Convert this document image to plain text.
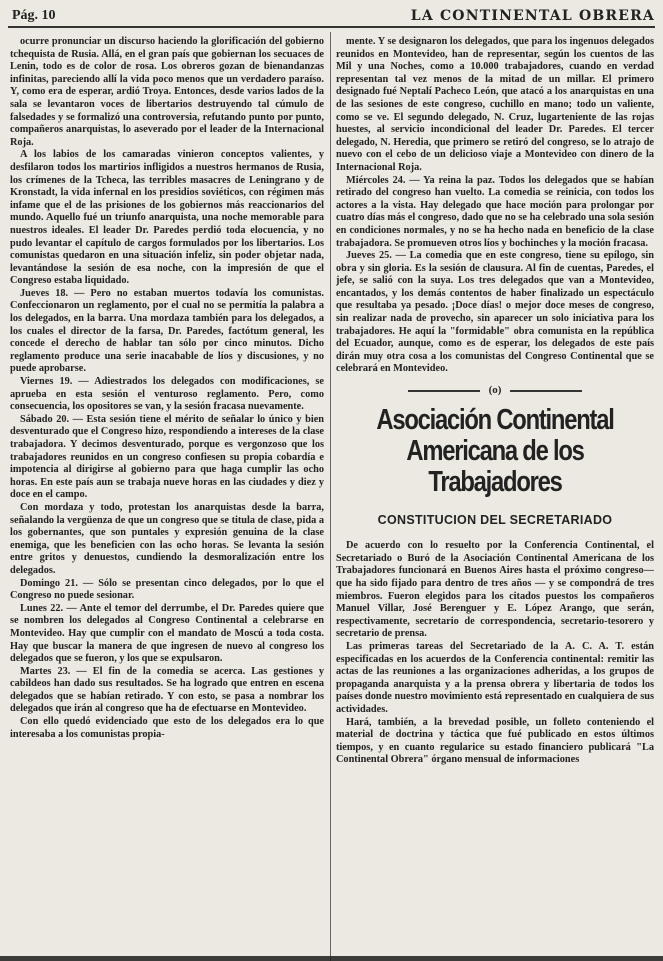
Pág. 10	LA CONTINENTAL OBRERA

ocurre pronunciar un discurso haciendo la glorificación del gobierno tchequista de Rusia. Allá, en el gran país que gobiernan los secuaces de Lenin, todo es de color de rosa. Los obreros gozan de bienandanzas infinitas, pareciendo allí la vida poco menos que un verdadero paraíso. Y, como era de esperar, ardió Troya. Entonces, desde varios lados de la sala se levantaron voces de libertarios destruyendo tal cúmulo de falsedades y se formalizó una controversia, refutando punto por punto, compañeros anarquistas, lo aseverado por el leader de la Internacional Roja.

A los labios de los camaradas vinieron conceptos valientes, y desfilaron todos los martirios infligidos a nuestros hermanos de Rusia, los crímenes de la Tcheca, las terribles masacres de Leningrano y de Kronstadt, la vida infernal en los presidios soviéticos, con régimen más infame que el de las prisiones de los gobiernos más reaccionarios del mundo. Aquello fué un triunfo anarquista, una noche memorable para nuestros ideales. El leader Dr. Paredes perdió toda elocuencia, y no pudo levantar el capítulo de cargos formulados por los libertarios. Los comunistas quedaron en una situación infeliz, sin poder objetar nada, levantándose la sesión de esa noche, con la impresión de que el Congreso estaba liquidado.

Jueves 18. — Pero no estaban muertos todavía los comunistas. Confeccionaron un reglamento, por el cual no se permitía la palabra a los delegados, en la barra. Una mordaza también para los delegados, a los cuales el director de la farsa, Dr. Paredes, factótum general, les concede el derecho de hablar tan sólo por cinco minutos. Dicho reglamento produce una serie inacabable de líos y discusiones, y no puede aprobarse.

Viernes 19. — Adiestrados los delegados con modificaciones, se aprueba en esta sesión el venturoso reglamento. Pero, como consecuencia, los opositores se van, y la sesión fracasa nuevamente.

Sábado 20. — Esta sesión tiene el mérito de señalar lo único y bien desventurado que el Congreso hizo, respondiendo a intereses de la clase trabajadora. Y decimos desventurado, porque es vergonzoso que los trabajadores reunidos en un congreso confiesen su propia cobardía e impotencia al dirigirse al gobierno para que haga cumplir las ocho horas. En este país aun se trabaja nueve horas en las ciudades y diez y doce en el campo.

Con mordaza y todo, protestan los anarquistas desde la barra, señalando la vergüenza de que un congreso que se titula de clase, pida a los gobernantes, que son puntales y expresión genuina de la clase enemiga, que les beneficien con las ocho horas. Se levanta la sesión entre gritos y denuestos, cundiendo la desmoralización entre los delegados.

Domingo 21. — Sólo se presentan cinco delegados, por lo que el Congreso no puede sesionar.

Lunes 22. — Ante el temor del derrumbe, el Dr. Paredes quiere que se nombren los delegados al Congreso Continental a celebrarse en Montevideo. Hay que cumplir con el mandato de Moscú a toda costa. Hay que buscar la manera de que ingresen de nuevo al congreso los delegados que se fueron, y los que se expulsaron.

Martes 23. — El fin de la comedia se acerca. Las gestiones y cabildeos han dado sus resultados. Se ha logrado que entren en escena delegados que se habían retirado. Y con esto, se pasa a nombrar los delegados que irán al congreso que ha de efectuarse en Montevideo.

Con ello quedó evidenciado que esto de los delegados era lo que interesaba a los comunistas propia-

mente. Y se designaron los delegados, que para los ingenuos delegados reunidos en Montevideo, han de representar, según los cuentos de las Mil y una Noches, como a 10.000 trabajadores, cuando en verdad representan tal vez menos de la mitad de un millar. El primero designado fué Neptalí Pacheco León, que atacó a los anarquistas en una de las sesiones de este congreso, cuchillo en mano; todo un valiente, como se ve. El segundo delegado, N. Cruz, lugarteniente de las rojas huestes, al servicio incondicional del leader Dr. Paredes. El tercer delegado, N. Heredia, que primero se retiró del congreso, se lo atrajo de nuevo con el cebo de un delicioso viaje a Montevideo con dinero de la Internacional Roja.

Miércoles 24. — Ya reina la paz. Todos los delegados que se habían retirado del congreso han vuelto. La comedia se reinicia, con todos los actores a la vista. Hay delegado que hace moción para prolongar por cuatro días más el congreso, dado que no se ha celebrado una sola sesión en condiciones normales, y no se ha hecho nada en beneficio de la clase trabajadora. Se promueven otros líos y bochinches y la moción fracasa.

Jueves 25. — La comedia que en este congreso, tiene su epílogo, sin obra y sin gloria. Es la sesión de clausura. Al fin de cuentas, Paredes, el jefe, se salió con la suya. Los tres delegados que van a Montevideo, encantados, y los demás contentos de haber finalizado un espectáculo que resultaba ya pesado. ¡Doce días! o mejor doce meses de congreso, sin realizar nada de provecho, sin aparecer un solo iniciativa para los trabajadores. He aquí la "formidable" obra comunista en la república del Ecuador, aunque, como es de esperar, los delegados de este país dirán muy otra cosa a los comunistas del Congreso Continental que se celebrará en Montevideo.

(o)
Asociación Continental Americana de los Trabajadores
CONSTITUCION DEL SECRETARIADO

De acuerdo con lo resuelto por la Conferencia Continental, el Secretariado o Buró de la Asociación Continental Americana de los Trabajadores funcionará en Buenos Aires hasta el próximo congreso— que ha sido fijado para dentro de tres años — y se compondrá de tres miembros. Fueron elegidos para los citados puestos los compañeros Manuel Villar, José Berenguer y E. López Arango, que serán, respectivamente, secretario de correspondencia, secretario-tesorero y secretario de prensa.

Las primeras tareas del Secretariado de la A. C. A. T. están especificadas en los acuerdos de la Conferencia continental: remitir las actas de las reuniones a las organizaciones adheridas, a los grupos de propaganda anarquista y a la prensa obrera y libertaria de todos los países donde nuestro movimiento está representado en cualquiera de sus actividades.

Hará, también, a la brevedad posible, un folleto conteniendo el material de doctrina y táctica que fué publicado en estos últimos tiempos, y en cuanto regularice su estado financiero publicará "La Continental Obrera" órgano mensual de informaciones
